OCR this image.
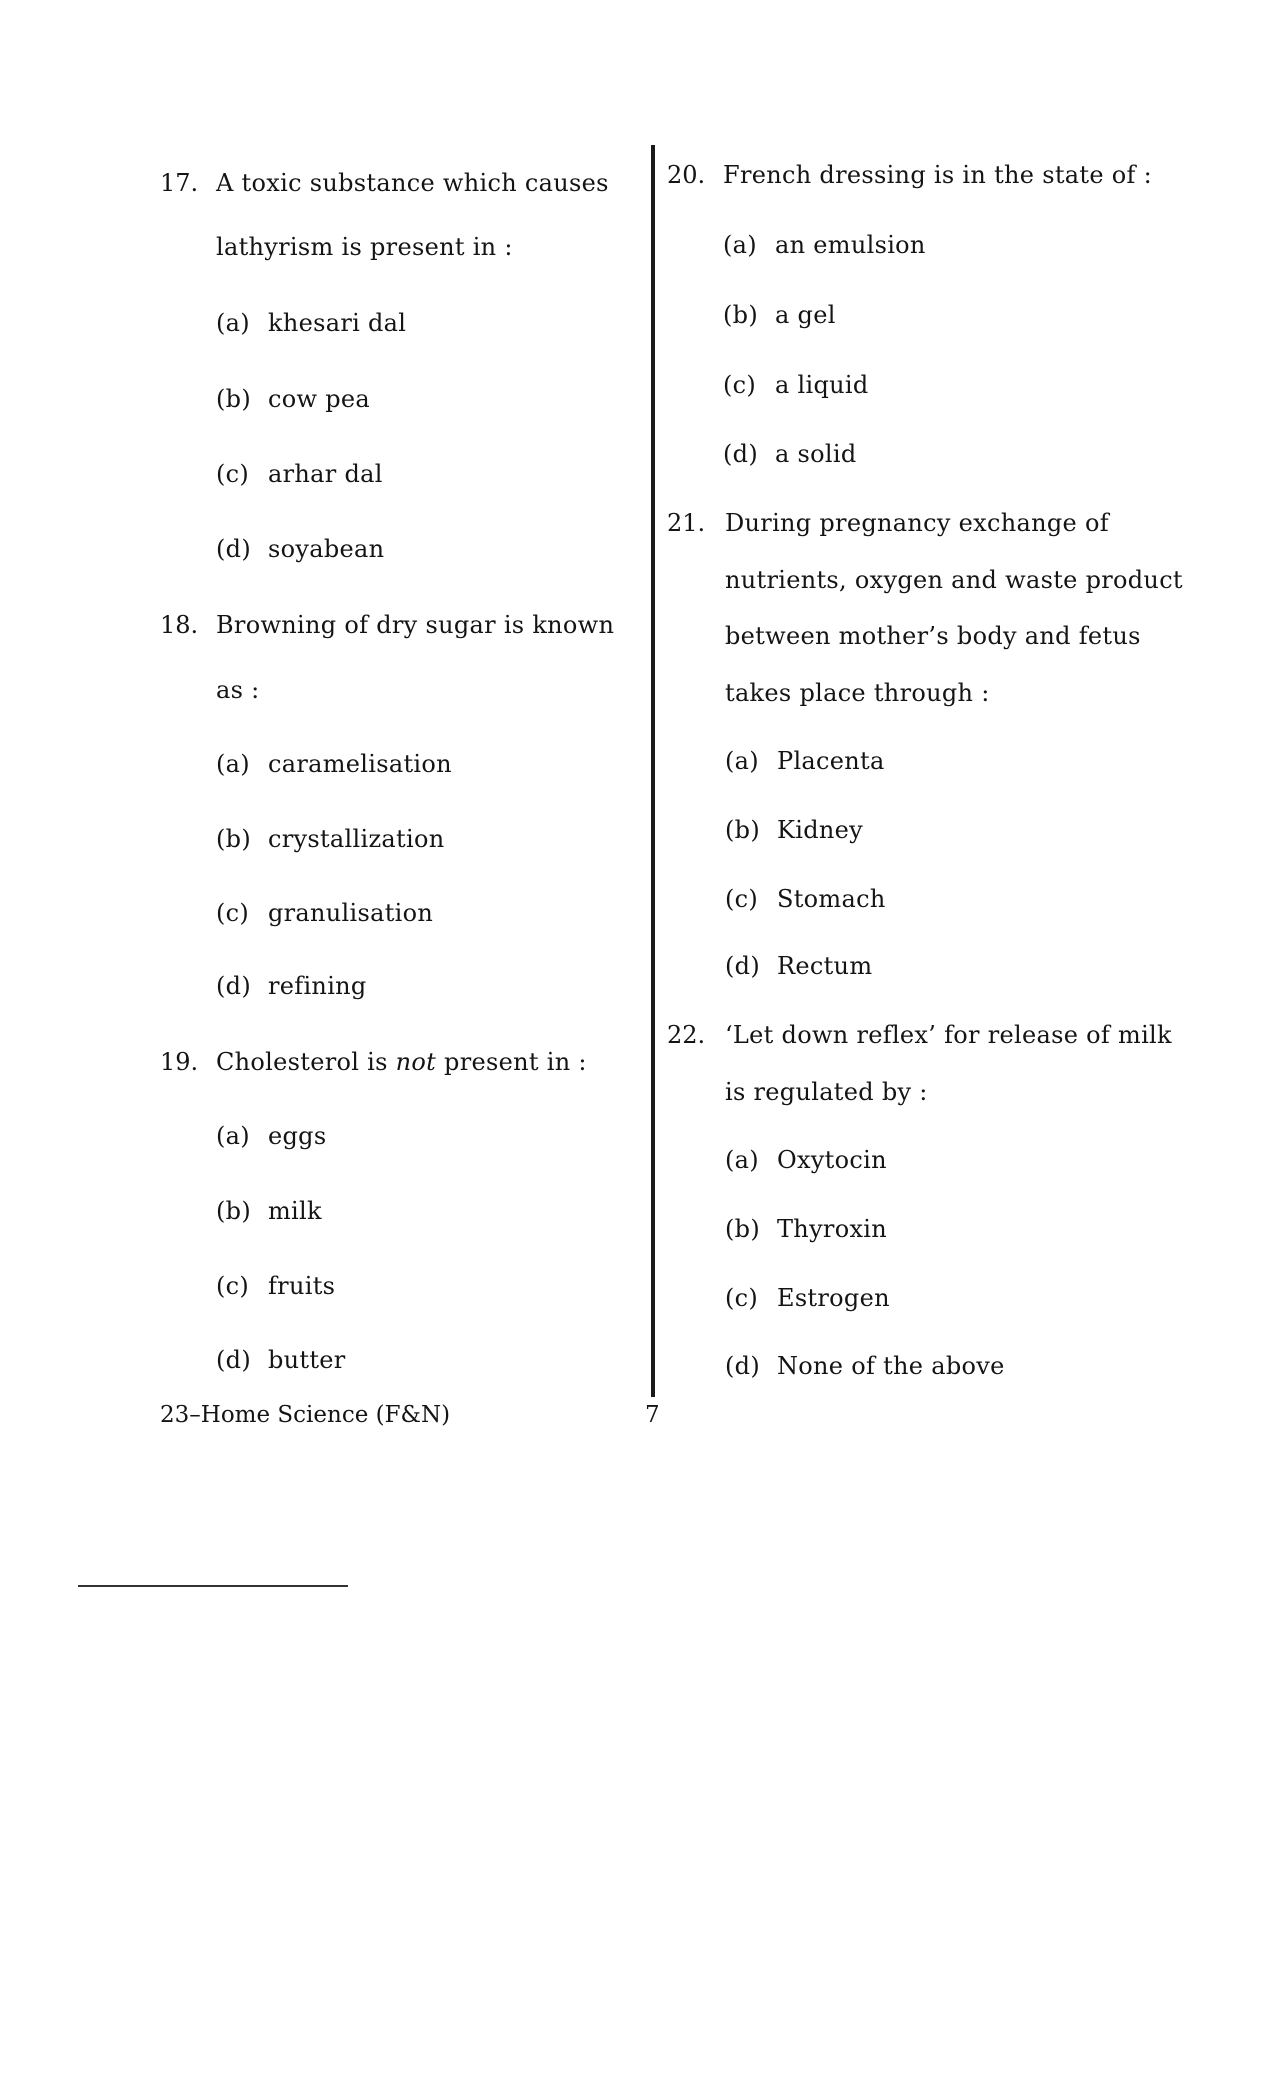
17. A toxic substance which causes
lathyrism is present in :
(a) khesari dal
(b) cow pea
(c) arhar dal
(d) soyabean
18. Browning of dry sugar is known
as :
(a) caramelisation
(b) crystallization
(c) granulisation
(d) refining
19. Cholesterol is not present in :
(a) eggs
(b) milk
(c) fruits
(d) butter
20. French dressing is in the state of :
(a) an emulsion
(b) a gel
(c) a liquid
(d) a solid
21. During pregnancy exchange of
nutrients, oxygen and waste product
between mother’s body and fetus
takes place through :
(a) Placenta
(b) Kidney
(c) Stomach
(d) Rectum
22. ‘Let down reflex’ for release of milk
is regulated by :
(a) Oxytocin
(b) Thyroxin
(c) Estrogen
(d) None of the above
23–Home Science (F&N)	7
